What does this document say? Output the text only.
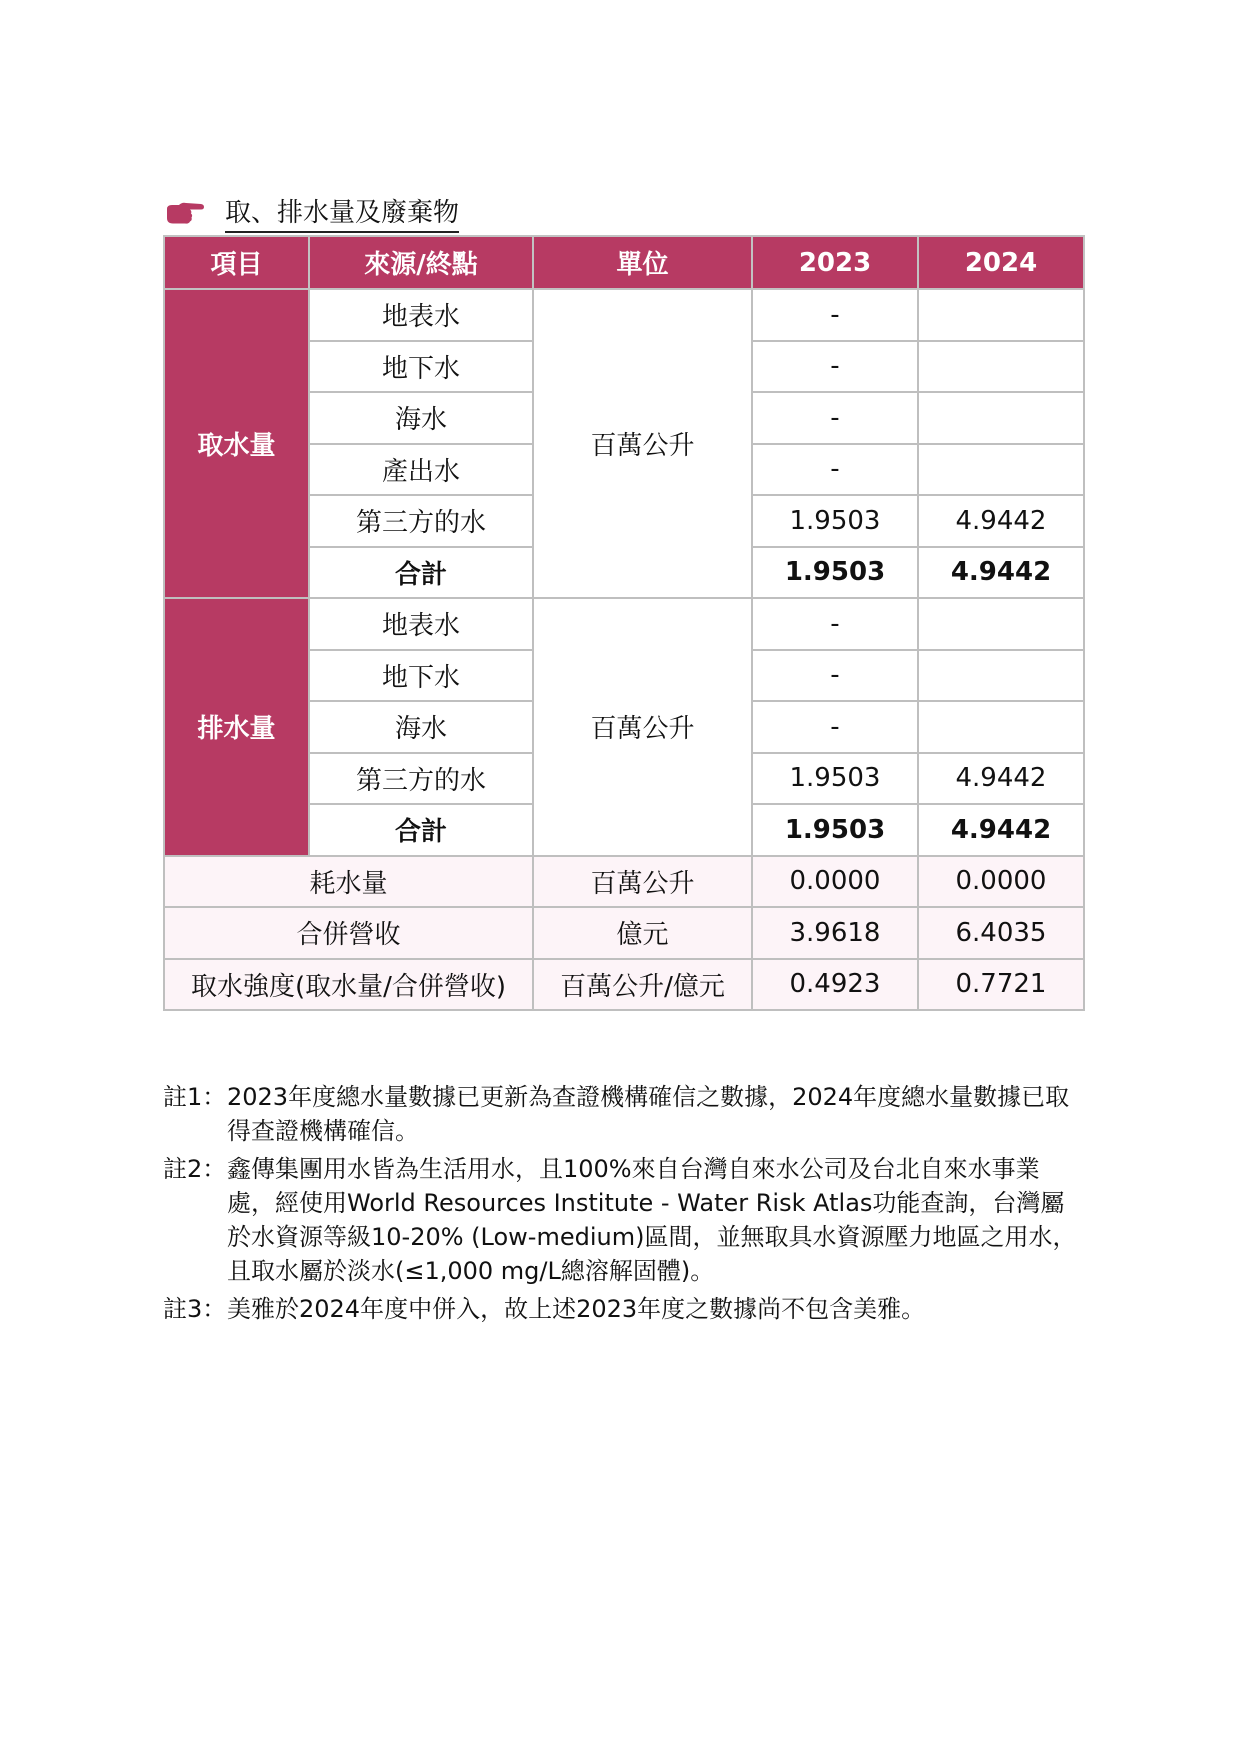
取、排水量及廢棄物
項目	來源/終點	單位	2023	2024
取水量	地表水	百萬公升	-	
	地下水		-	
	海水		-	
	產出水		-	
	第三方的水		1.9503	4.9442
	合計		1.9503	4.9442
排水量	地表水	百萬公升	-	
	地下水		-	
	海水		-	
	第三方的水		1.9503	4.9442
	合計		1.9503	4.9442
耗水量		百萬公升	0.0000	0.0000
合併營收		億元	3.9618	6.4035
取水強度(取水量/合併營收)		百萬公升/億元	0.4923	0.7721
註1： 2023年度總水量數據已更新為查證機構確信之數據，2024年度總水量數據已取得查證機構確信。
註2： 鑫傳集團用水皆為生活用水，且100%來自台灣自來水公司及台北自來水事業處，經使用World Resources Institute - Water Risk Atlas功能查詢，台灣屬於水資源等級10-20% (Low-medium)區間，並無取具水資源壓力地區之用水，且取水屬於淡水(≤1,000 mg/L總溶解固體)。
註3： 美雅於2024年度中併入，故上述2023年度之數據尚不包含美雅。
